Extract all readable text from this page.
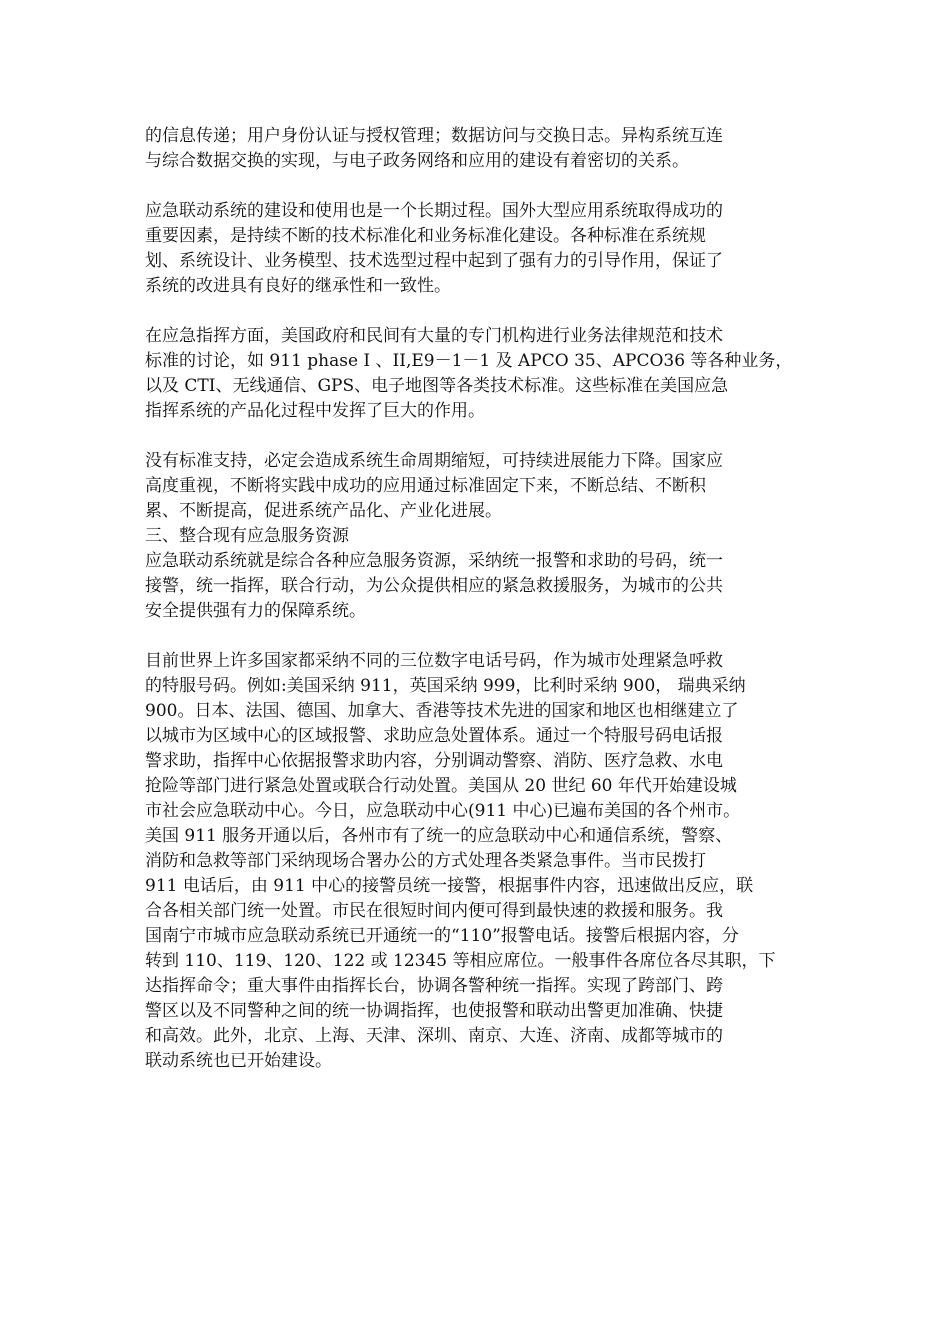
的信息传递；用户身份认证与授权管理；数据访问与交换日志。异构系统互连
与综合数据交换的实现，与电子政务网络和应用的建设有着密切的关系。
应急联动系统的建设和使用也是一个长期过程。国外大型应用系统取得成功的
重要因素，是持续不断的技术标准化和业务标准化建设。各种标准在系统规
划、系统设计、业务模型、技术选型过程中起到了强有力的引导作用，保证了
系统的改进具有良好的继承性和一致性。
在应急指挥方面，美国政府和民间有大量的专门机构进行业务法律规范和技术
标准的讨论，如 911 phase I 、II,E9－1－1 及 APCO 35、APCO36 等各种业务，
以及 CTI、无线通信、GPS、电子地图等各类技术标准。这些标准在美国应急
指挥系统的产品化过程中发挥了巨大的作用。
没有标准支持，必定会造成系统生命周期缩短，可持续进展能力下降。国家应
高度重视，不断将实践中成功的应用通过标准固定下来，不断总结、不断积
累、不断提高，促进系统产品化、产业化进展。
三、整合现有应急服务资源
应急联动系统就是综合各种应急服务资源，采纳统一报警和求助的号码，统一
接警，统一指挥，联合行动，为公众提供相应的紧急救援服务，为城市的公共
安全提供强有力的保障系统。
目前世界上许多国家都采纳不同的三位数字电话号码，作为城市处理紧急呼救
的特服号码。例如:美国采纳 911，英国采纳 999，比利时采纳 900， 瑞典采纳
900。日本、法国、德国、加拿大、香港等技术先进的国家和地区也相继建立了
以城市为区域中心的区域报警、求助应急处置体系。通过一个特服号码电话报
警求助，指挥中心依据报警求助内容，分别调动警察、消防、医疗急救、水电
抢险等部门进行紧急处置或联合行动处置。美国从 20 世纪 60 年代开始建设城
市社会应急联动中心。今日，应急联动中心(911 中心)已遍布美国的各个州市。
美国 911 服务开通以后，各州市有了统一的应急联动中心和通信系统，警察、
消防和急救等部门采纳现场合署办公的方式处理各类紧急事件。当市民拨打
911 电话后，由 911 中心的接警员统一接警，根据事件内容，迅速做出反应，联
合各相关部门统一处置。市民在很短时间内便可得到最快速的救援和服务。我
国南宁市城市应急联动系统已开通统一的“110”报警电话。接警后根据内容，分
转到 110、119、120、122 或 12345 等相应席位。一般事件各席位各尽其职，下
达指挥命令；重大事件由指挥长台，协调各警种统一指挥。实现了跨部门、跨
警区以及不同警种之间的统一协调指挥，也使报警和联动出警更加准确、快捷
和高效。此外，北京、上海、天津、深圳、南京、大连、济南、成都等城市的
联动系统也已开始建设。
